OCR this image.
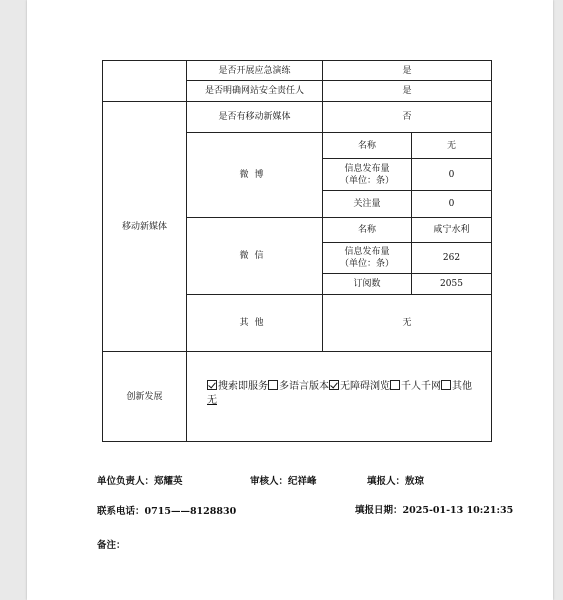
	是否开展应急演练	是	
	是否明确网站安全责任人	是	
移动新媒体	是否有移动新媒体	否	
	微博	名称	无
		信息发布量
（单位：条）	0
		关注量	0
	微信	名称	咸宁水利
		信息发布量
（单位：条）	262
		订阅数	2055
	其他	无	
创新发展	搜索即服务 多语言版本 无障碍浏览 千人千网 其他
无		
单位负责人：郑耀英	审核人：纪祥峰	填报人：敖琼
联系电话：0715——8128830	填报日期：2025-01-13 10:21:35
备注：
